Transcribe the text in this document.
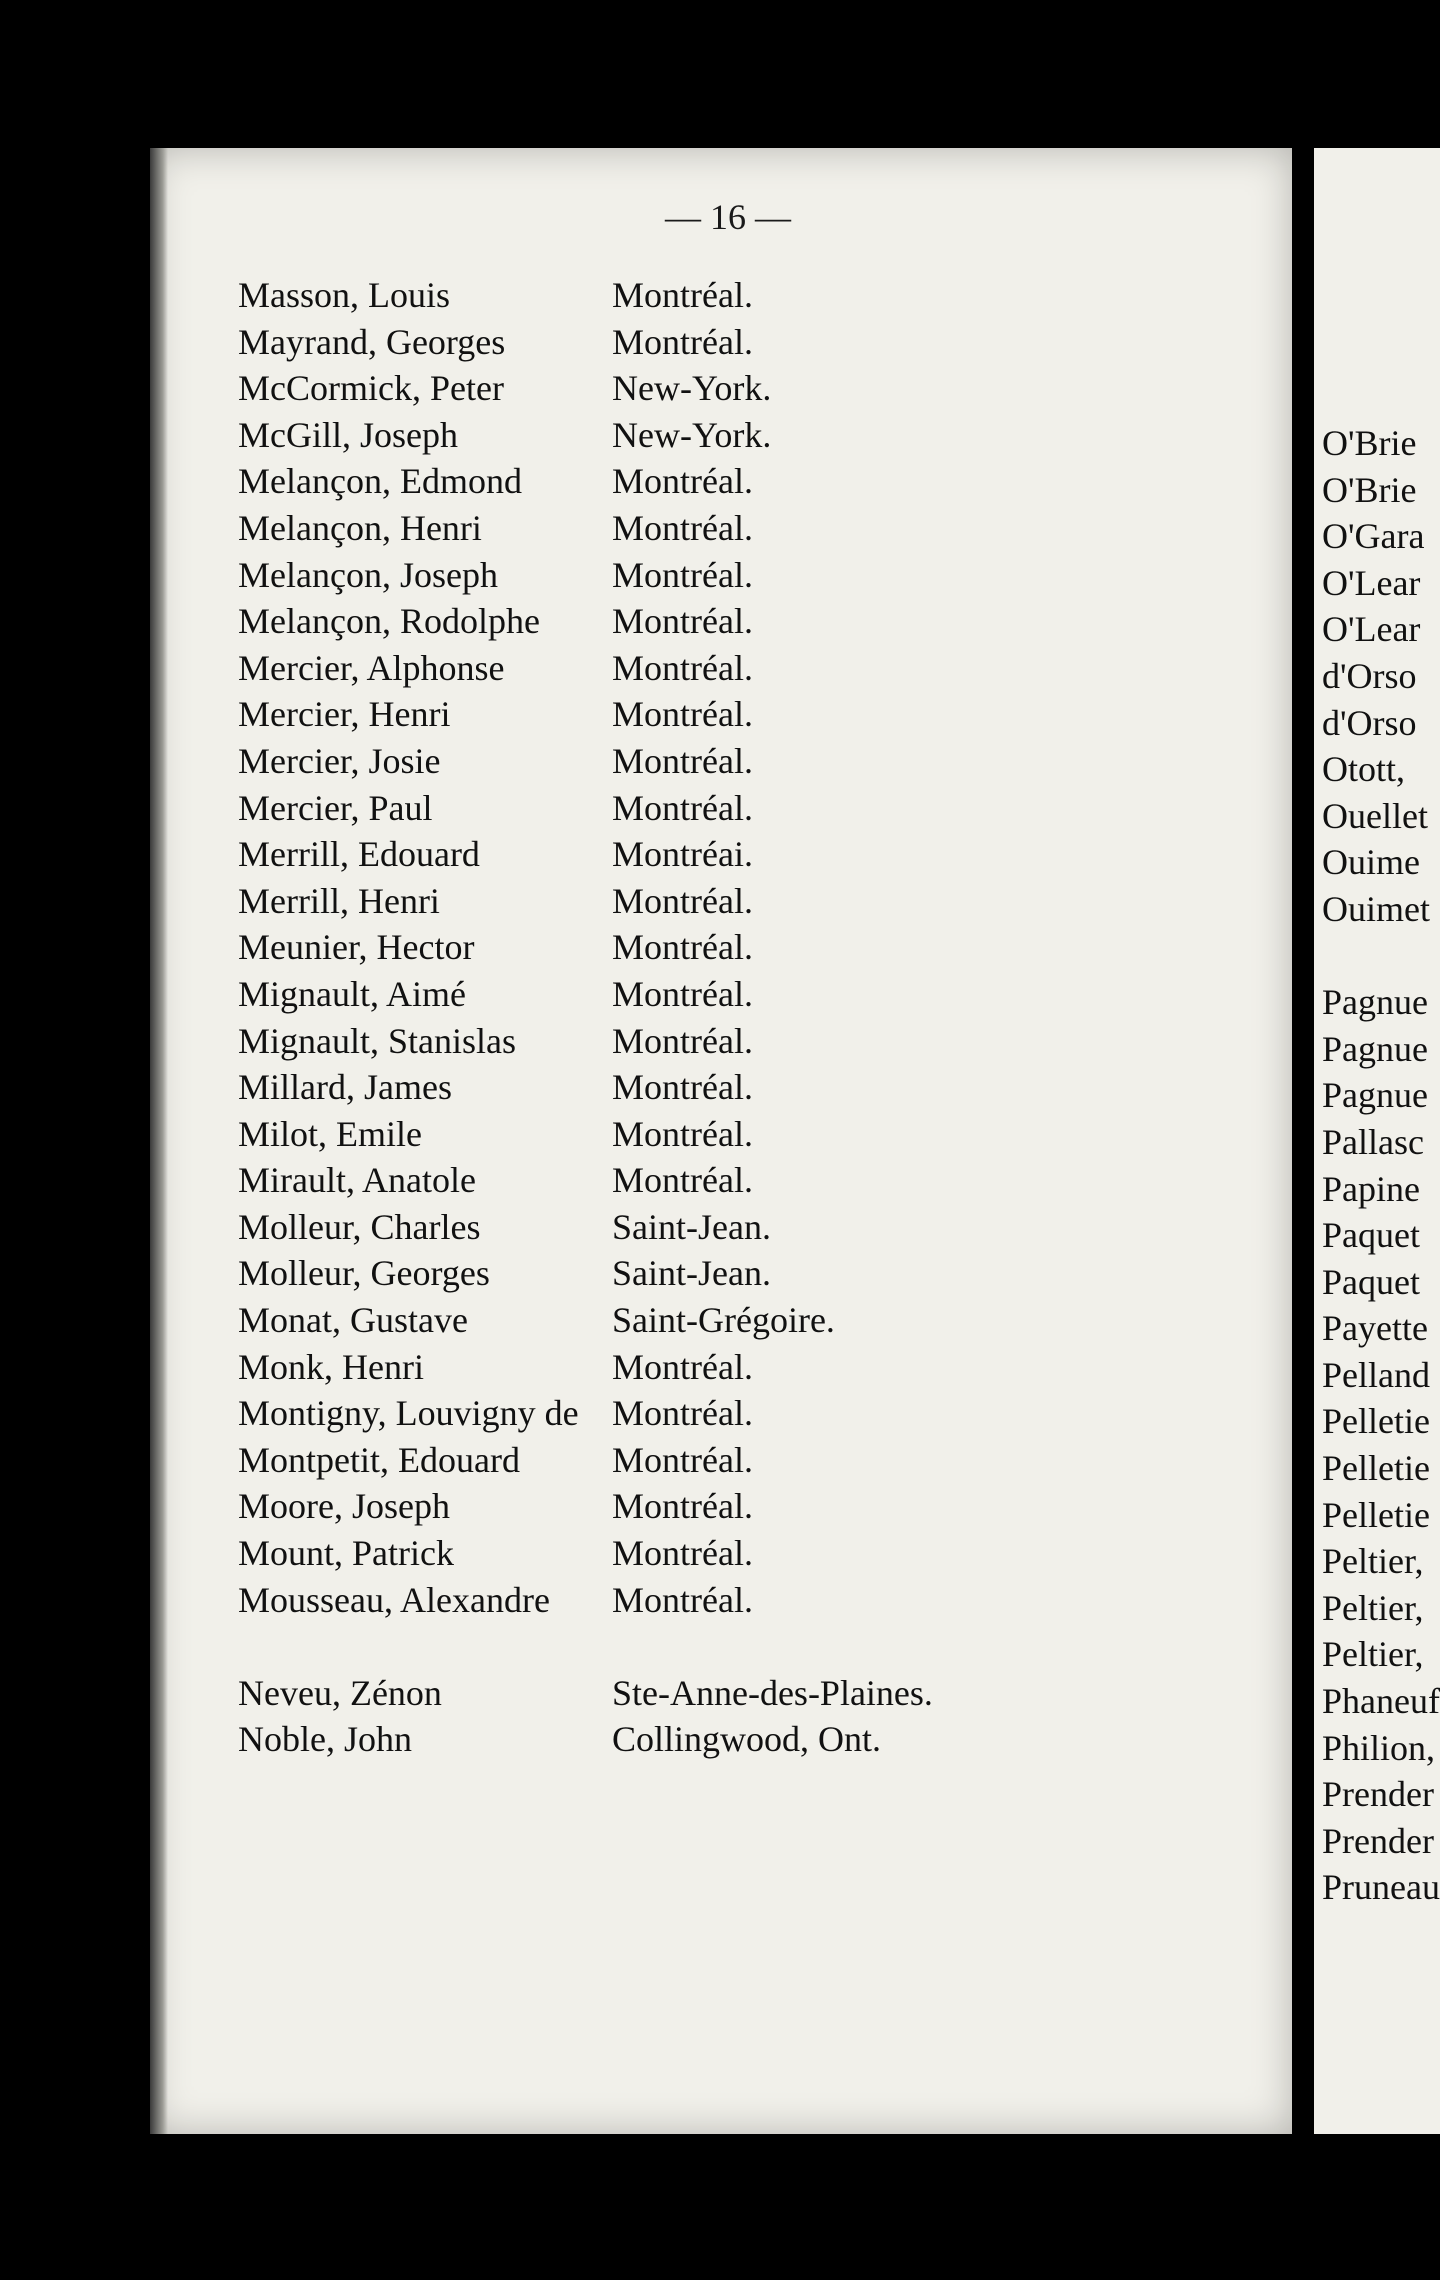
O'Brie
O'Brie
O'Gara
O'Lear
O'Lear
d'Orso
d'Orso
Otott,
Ouellet
Ouime
Ouimet
Pagnue
Pagnue
Pagnue
Pallasc
Papine
Paquet
Paquet
Payette
Pelland
Pelletie
Pelletie
Pelletie
Peltier,
Peltier,
Peltier,
Phaneuf
Philion,
Prender
Prender
Pruneau
— 16 —
Masson, Louis	Montréal.
Mayrand, Georges	Montréal.
McCormick, Peter	New-York.
McGill, Joseph	New-York.
Melançon, Edmond	Montréal.
Melançon, Henri	Montréal.
Melançon, Joseph	Montréal.
Melançon, Rodolphe Montréal.
Mercier, Alphonse	Montréal.
Mercier, Henri	Montréal.
Mercier, Josie	Montréal.
Mercier, Paul	Montréal.
Merrill, Edouard	Montréai.
Merrill, Henri	Montréal.
Meunier, Hector	Montréal.
Mignault, Aimé	Montréal.
Mignault, Stanislas	Montréal.
Millard, James	Montréal.
Milot, Emile	Montréal.
Mirault, Anatole	Montréal.
Molleur, Charles	Saint-Jean.
Molleur, Georges	Saint-Jean.
Monat, Gustave	Saint-Grégoire.
Monk, Henri	Montréal.
Montigny, Louvigny de Montréal.
Montpetit, Edouard	Montréal.
Moore, Joseph	Montréal.
Mount, Patrick	Montréal.
Mousseau, Alexandre Montréal.
Neveu, Zénon	Ste-Anne-des-Plaines.
Noble, John	Collingwood, Ont.
